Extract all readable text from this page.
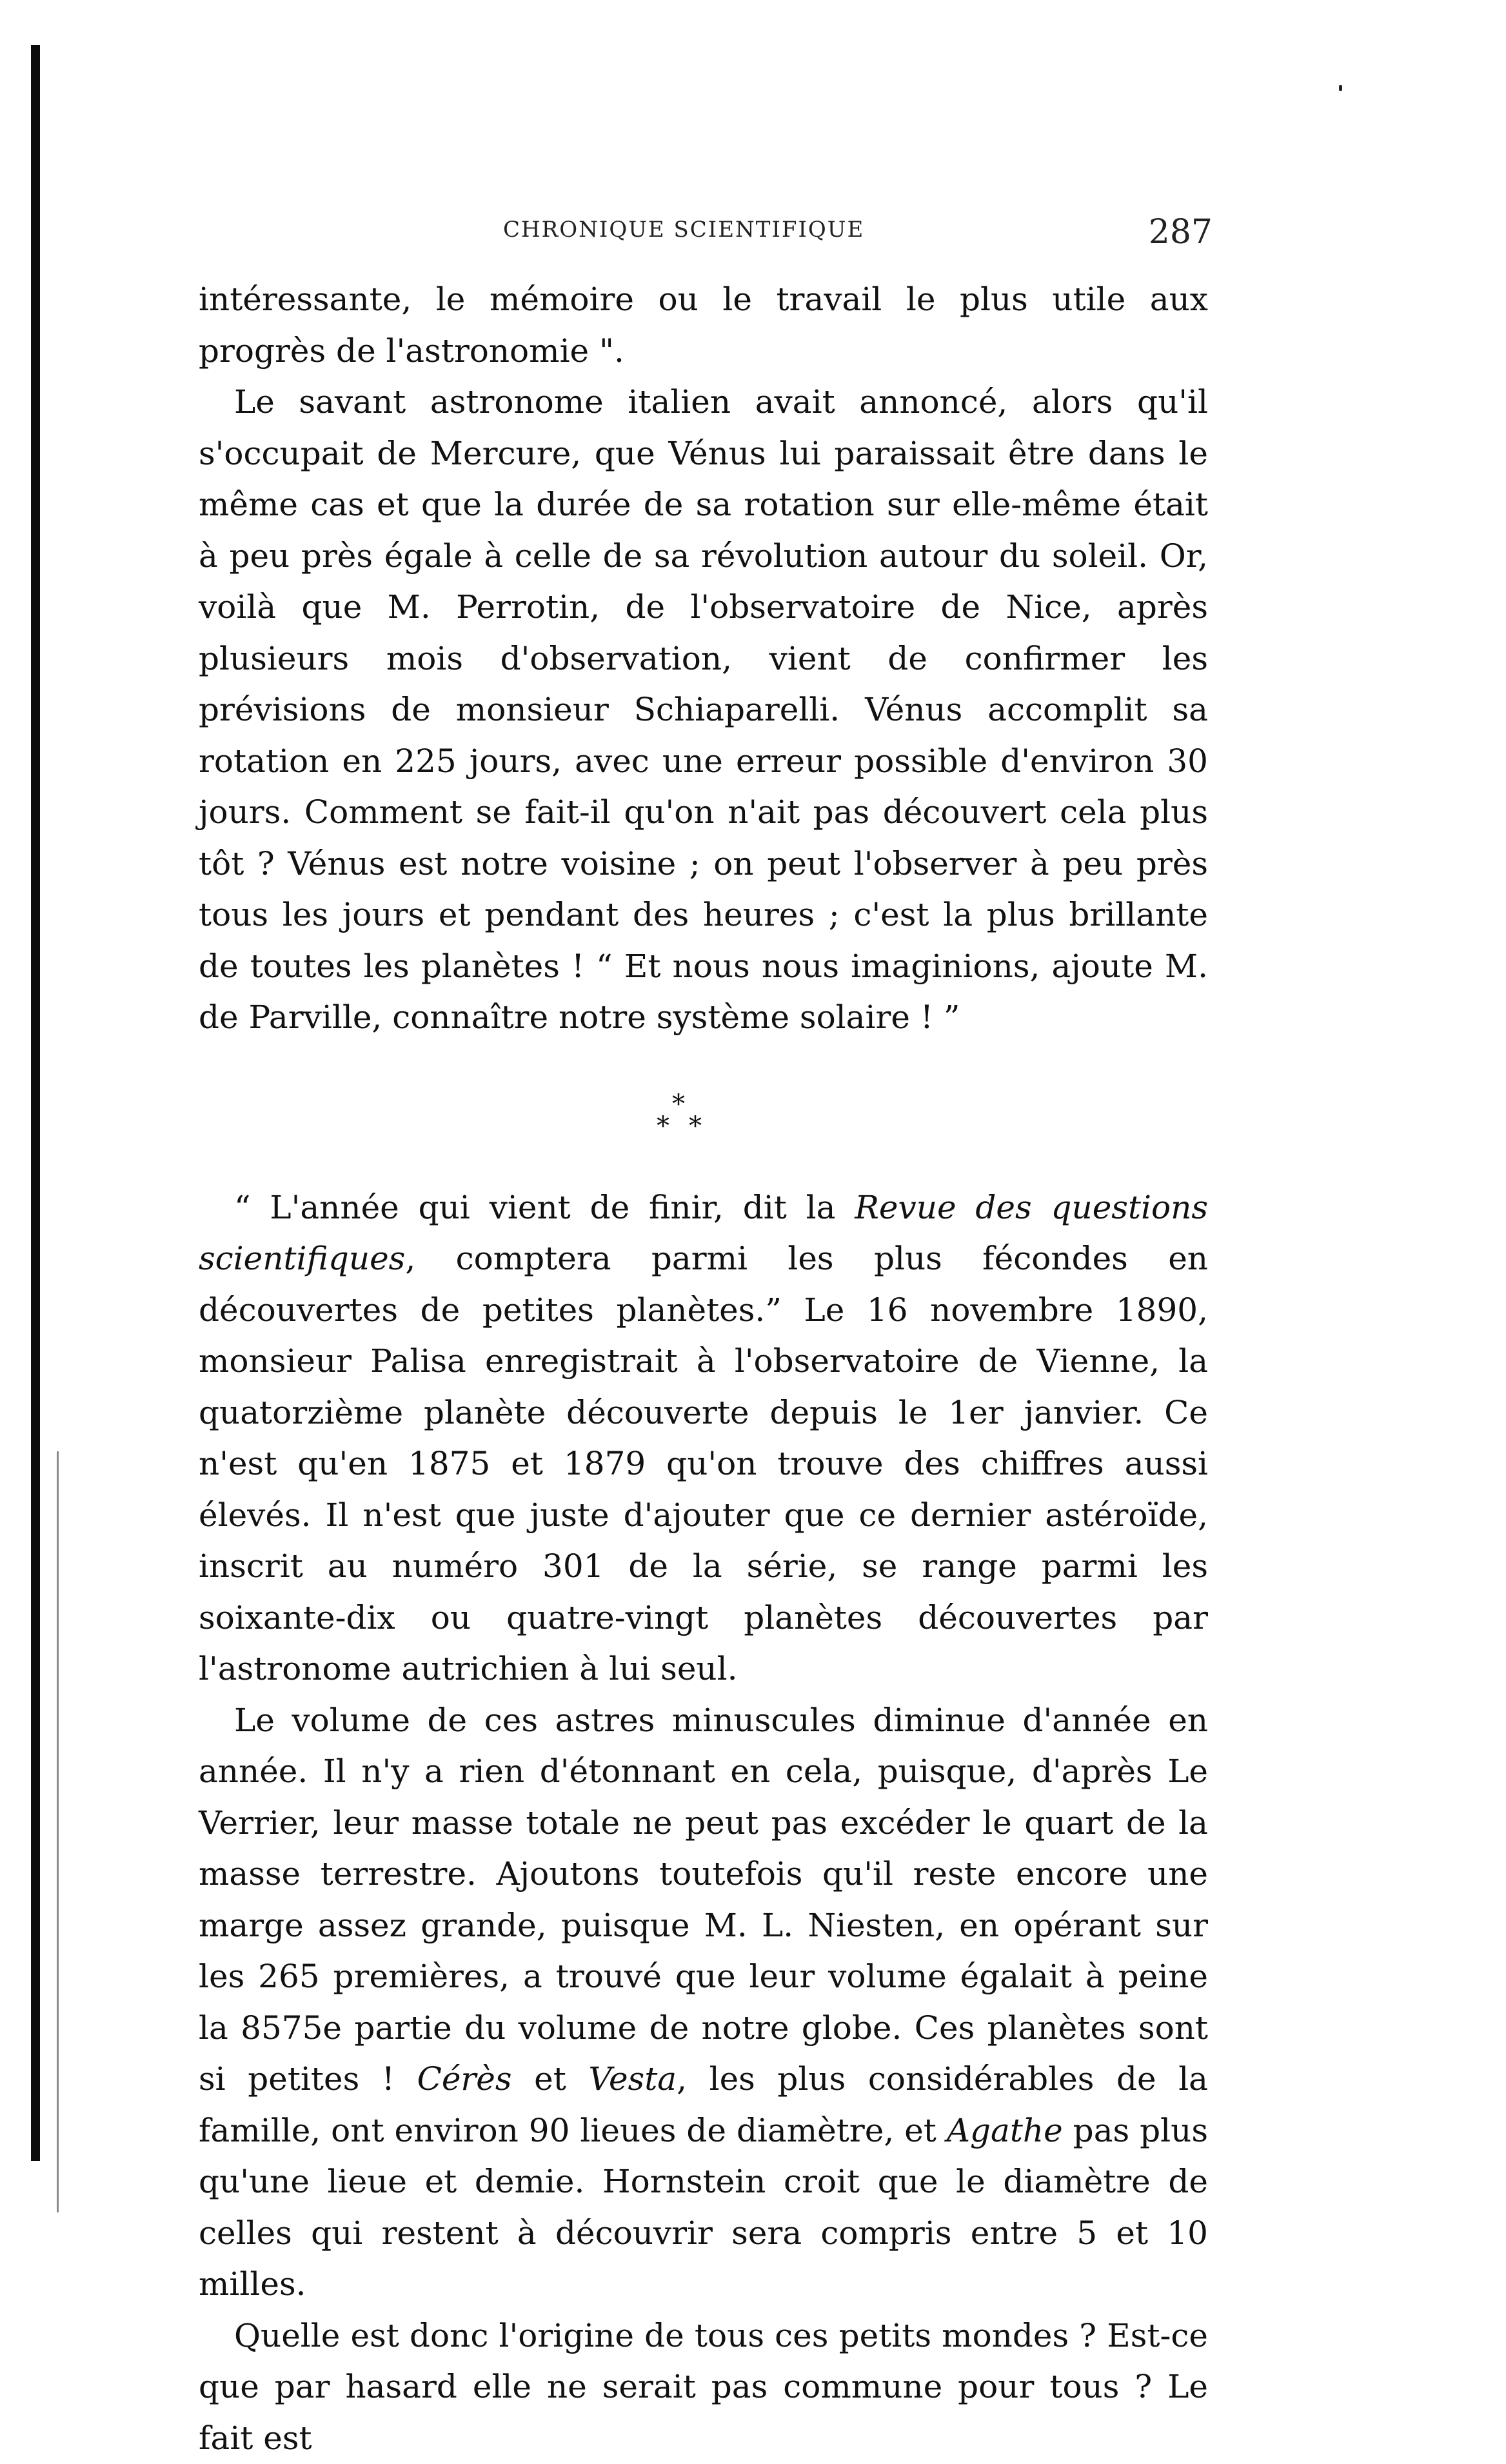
CHRONIQUE SCIENTIFIQUE	287

intéressante, le mémoire ou le travail le plus utile aux progrès de l'astronomie ".

Le savant astronome italien avait annoncé, alors qu'il s'occupait de Mercure, que Vénus lui paraissait être dans le même cas et que la durée de sa rotation sur elle-même était à peu près égale à celle de sa révolution autour du soleil. Or, voilà que M. Perrotin, de l'observatoire de Nice, après plusieurs mois d'observation, vient de confirmer les prévisions de monsieur Schiaparelli. Vénus accomplit sa rotation en 225 jours, avec une erreur possible d'environ 30 jours. Comment se fait-il qu'on n'ait pas découvert cela plus tôt ? Vénus est notre voisine ; on peut l'observer à peu près tous les jours et pendant des heures ; c'est la plus brillante de toutes les planètes ! “ Et nous nous imaginions, ajoute M. de Parville, connaître notre système solaire ! ”

*
* *

“ L'année qui vient de finir, dit la Revue des questions scientifiques, comptera parmi les plus fécondes en découvertes de petites planètes.” Le 16 novembre 1890, monsieur Palisa enregistrait à l'observatoire de Vienne, la quatorzième planète découverte depuis le 1er janvier. Ce n'est qu'en 1875 et 1879 qu'on trouve des chiffres aussi élevés. Il n'est que juste d'ajouter que ce dernier astéroïde, inscrit au numéro 301 de la série, se range parmi les soixante-dix ou quatre-vingt planètes découvertes par l'astronome autrichien à lui seul.

Le volume de ces astres minuscules diminue d'année en année. Il n'y a rien d'étonnant en cela, puisque, d'après Le Verrier, leur masse totale ne peut pas excéder le quart de la masse terrestre. Ajoutons toutefois qu'il reste encore une marge assez grande, puisque M. L. Niesten, en opérant sur les 265 premières, a trouvé que leur volume égalait à peine la 8575e partie du volume de notre globe. Ces planètes sont si petites ! Cérès et Vesta, les plus considérables de la famille, ont environ 90 lieues de diamètre, et Agathe pas plus qu'une lieue et demie. Hornstein croit que le diamètre de celles qui restent à découvrir sera compris entre 5 et 10 milles.

Quelle est donc l'origine de tous ces petits mondes ? Est-ce que par hasard elle ne serait pas commune pour tous ? Le fait est
